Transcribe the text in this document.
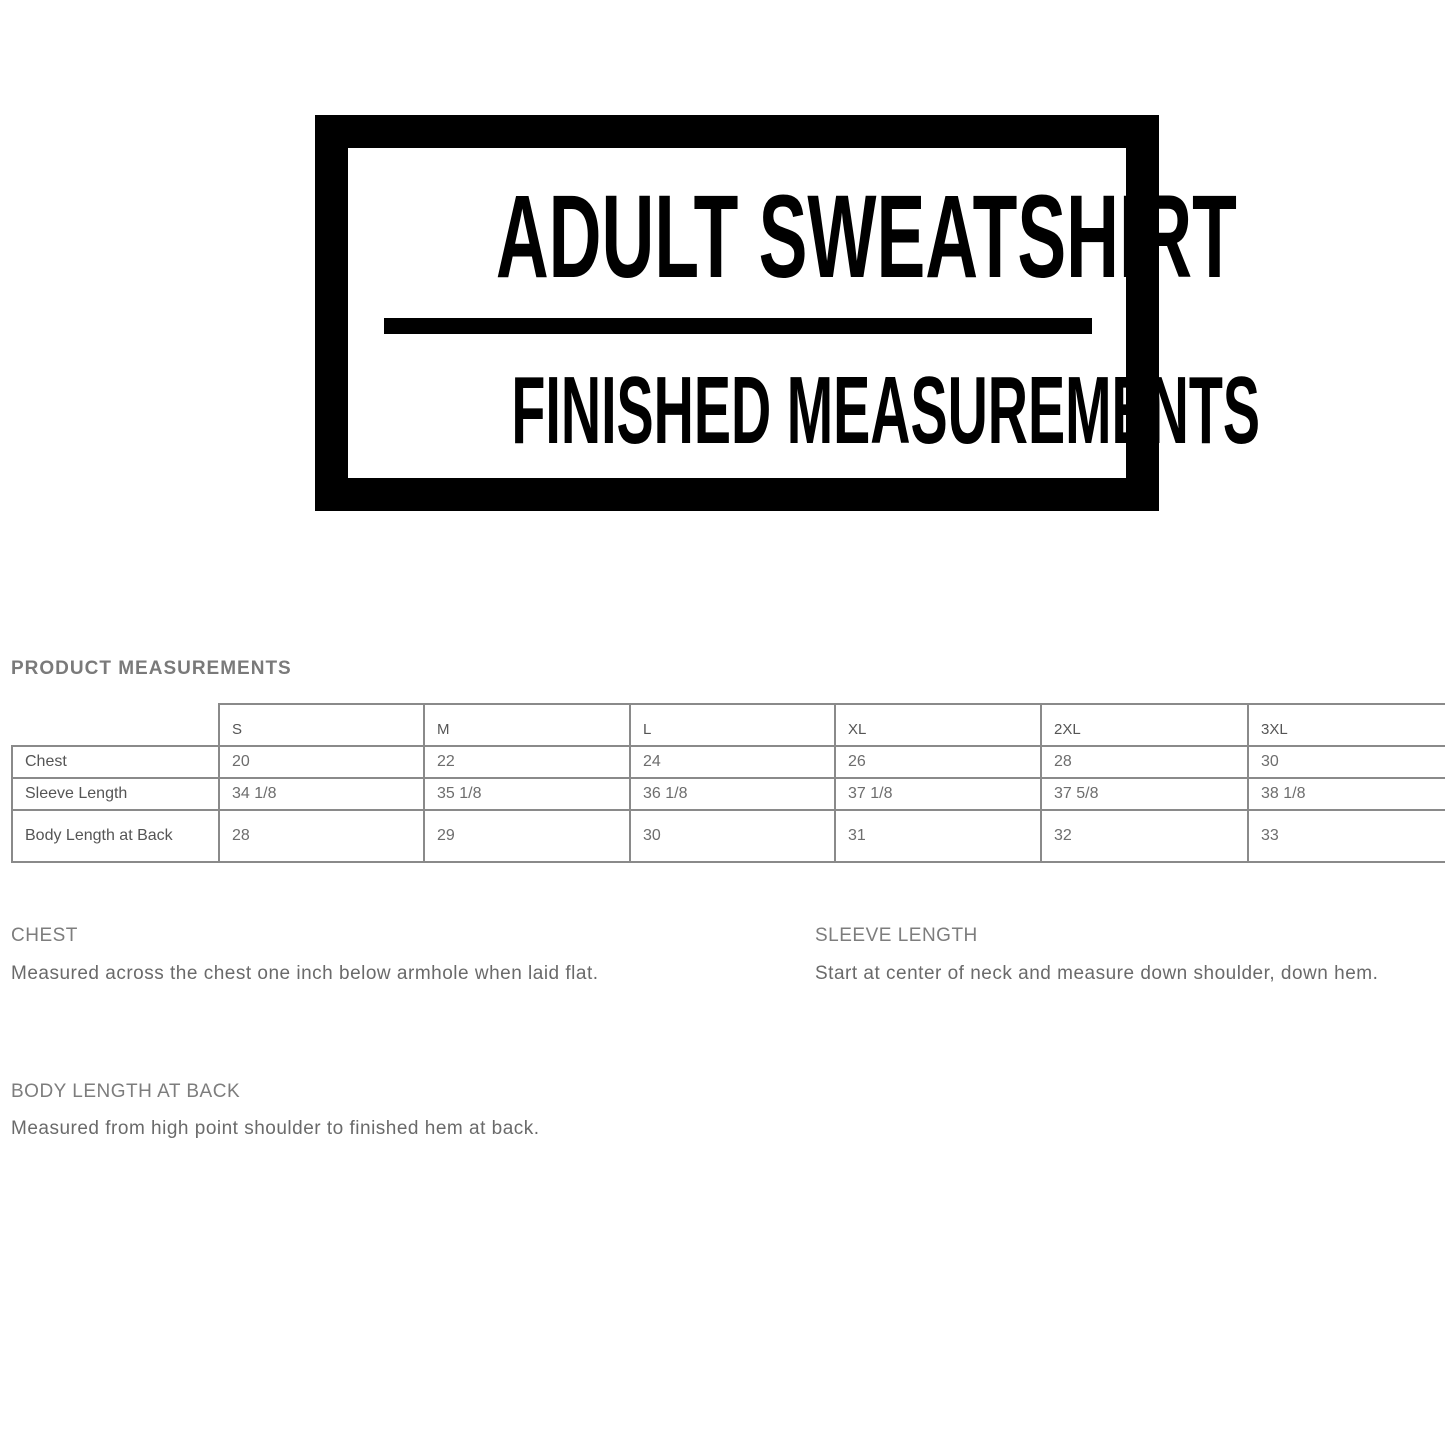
ADULT SWEATSHIRT
FINISHED MEASUREMENTS
PRODUCT MEASUREMENTS
	S	M	L	XL	2XL	3XL
Chest	20	22	24	26	28	30
Sleeve Length	34 1/8	35 1/8	36 1/8	37 1/8	37 5/8	38 1/8
Body Length at Back	28	29	30	31	32	33
CHEST
Measured across the chest one inch below armhole when laid flat.
SLEEVE LENGTH
Start at center of neck and measure down shoulder, down hem.
BODY LENGTH AT BACK
Measured from high point shoulder to finished hem at back.
